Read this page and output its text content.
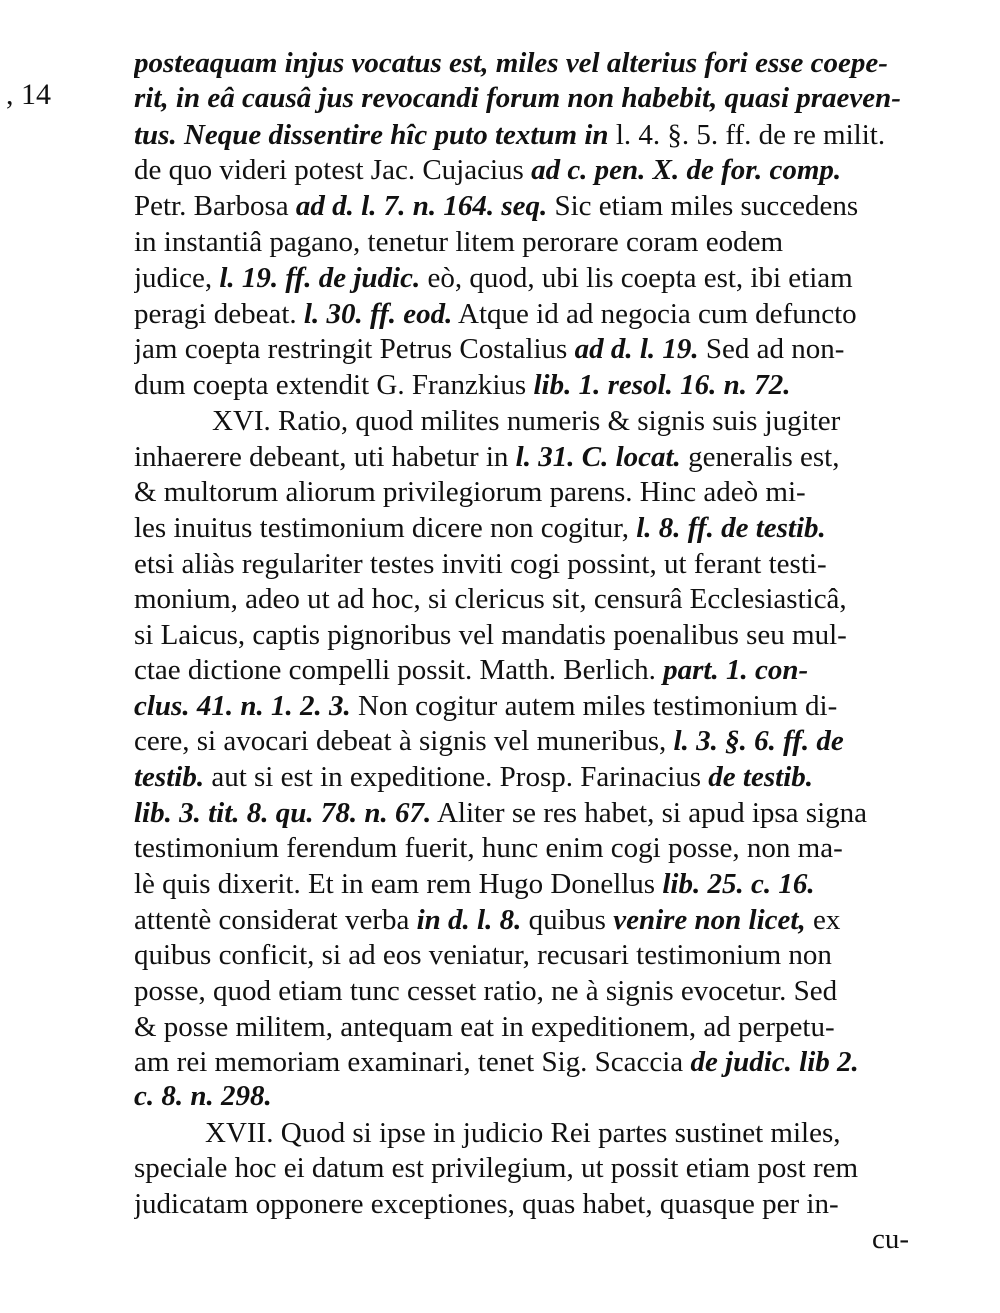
, 14
posteaquam injus vocatus est, miles vel alterius fori esse coepe-
rit, in eâ causâ jus revocandi forum non habebit, quasi praeven-
tus. Neque dissentire hîc puto textum in l. 4. §. 5. ff. de re milit.
de quo videri potest Jac. Cujacius ad c. pen. X. de for. comp.
Petr. Barbosa ad d. l. 7. n. 164. seq. Sic etiam miles succedens
in instantiâ pagano, tenetur litem perorare coram eodem
judice, l. 19. ff. de judic. eò, quod, ubi lis coepta est, ibi etiam
peragi debeat. l. 30. ff. eod. Atque id ad negocia cum defuncto
jam coepta restringit Petrus Costalius ad d. l. 19. Sed ad non-
dum coepta extendit G. Franzkius lib. 1. resol. 16. n. 72.
XVI. Ratio, quod milites numeris & signis suis jugiter
inhaerere debeant, uti habetur in l. 31. C. locat. generalis est,
& multorum aliorum privilegiorum parens. Hinc adeò mi-
les inuitus testimonium dicere non cogitur, l. 8. ff. de testib.
etsi aliàs regulariter testes inviti cogi possint, ut ferant testi-
monium, adeo ut ad hoc, si clericus sit, censurâ Ecclesiasticâ,
si Laicus, captis pignoribus vel mandatis poenalibus seu mul-
ctae dictione compelli possit. Matth. Berlich. part. 1. con-
clus. 41. n. 1. 2. 3. Non cogitur autem miles testimonium di-
cere, si avocari debeat à signis vel muneribus, l. 3. §. 6. ff. de
testib. aut si est in expeditione. Prosp. Farinacius de testib.
lib. 3. tit. 8. qu. 78. n. 67. Aliter se res habet, si apud ipsa signa
testimonium ferendum fuerit, hunc enim cogi posse, non ma-
lè quis dixerit. Et in eam rem Hugo Donellus lib. 25. c. 16.
attentè considerat verba in d. l. 8. quibus venire non licet, ex
quibus conficit, si ad eos veniatur, recusari testimonium non
posse, quod etiam tunc cesset ratio, ne à signis evocetur. Sed
& posse militem, antequam eat in expeditionem, ad perpetu-
am rei memoriam examinari, tenet Sig. Scaccia de judic. lib 2.
c. 8. n. 298.
XVII. Quod si ipse in judicio Rei partes sustinet miles,
speciale hoc ei datum est privilegium, ut possit etiam post rem
judicatam opponere exceptiones, quas habet, quasque per in-
cu-
